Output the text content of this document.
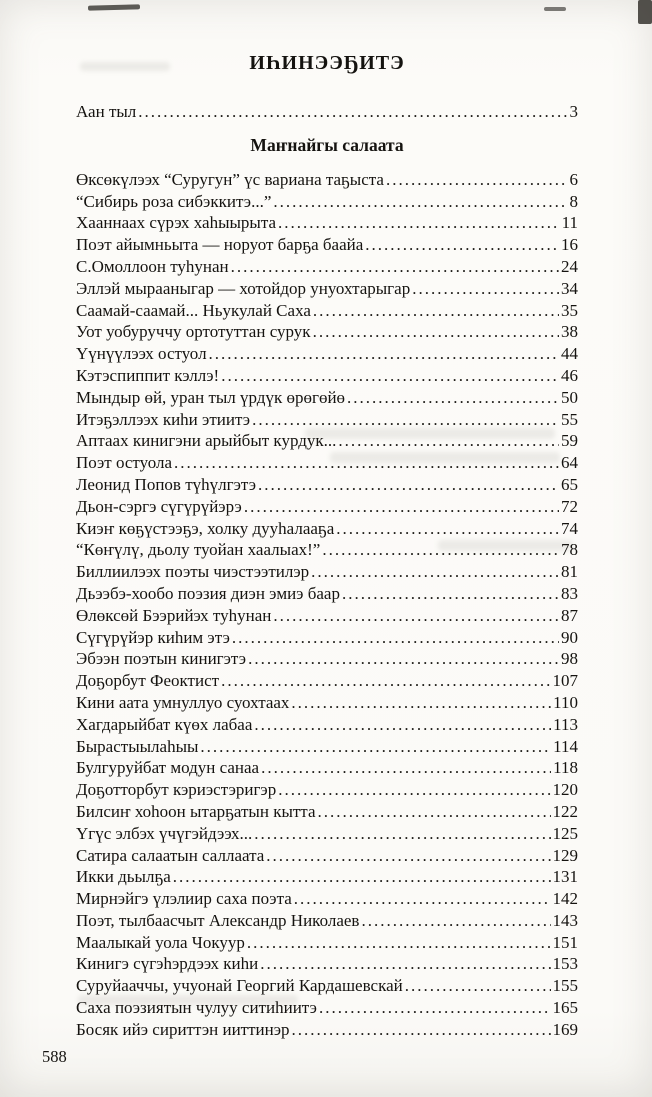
ИҺИНЭЭҔИТЭ
Аан тыл .....	3
Маҥнайгы салаата
Өксөкүлээх “Суругун” үс вариана таҕыста .....	6
“Сибирь роза сибэккитэ...” .....	8
Хааннаах сүрэх хаһыырыта .....	11
Поэт айымньыта — норуот барҕа баайа .....	16
С.Омоллоон туһунан .....	24
Эллэй мырааныгар — хотойдор унуохтарыгар .....	34
Саамай-саамай... Ньукулай Саха .....	35
Уот уобуруччу ортотуттан сурук .....	38
Үүнүүлээх остуол .....	44
Кэтэспиппит кэллэ! .....	46
Мындыр өй, уран тыл үрдүк өрөгөйө .....	50
Итэҕэллээх киһи этиитэ .....	55
Аптаах кинигэни арыйбыт курдук... .....	59
Поэт остуола .....	64
Леонид Попов түһүлгэтэ .....	65
Дьон-сэргэ сүгүрүйэрэ .....	72
Киэҥ көҕүстээҕэ, холку дууһалааҕа .....	74
“Көҥүлү, дьолу туойан хаалыах!” .....	78
Биллиилээх поэты чиэстээтилэр .....	81
Дьээбэ-хообо поэзия диэн эмиэ баар .....	83
Өлөксөй Бээрийэх туһунан .....	87
Сүгүрүйэр киһим этэ .....	90
Эбээн поэтын кинигэтэ .....	98
Доҕорбут Феоктист .....	107
Кини аата умнуллуо суохтаах .....	110
Хагдарыйбат күөх лабаа .....	113
Бырастыылаһыы .....	114
Булгуруйбат модун санаа .....	118
Доҕотторбут кэриэстэригэр .....	120
Билсиҥ хоһоон ытарҕатын кытта .....	122
Үгүс элбэх үчүгэйдээх... .....	125
Сатира салаатын саллаата .....	129
Икки дьылҕа .....	131
Мирнэйгэ үлэлиир саха поэта .....	142
Поэт, тылбаасчыт Александр Николаев .....	143
Маалыкай уола Чокуур .....	151
Кинигэ сүгэһэрдээх киһи .....	153
Суруйааччы, учуонай Георгий Кардашевскай .....	155
Саха поэзиятын чулуу ситиһиитэ .....	165
Босяк ийэ сириттэн ииттинэр .....	169
588
